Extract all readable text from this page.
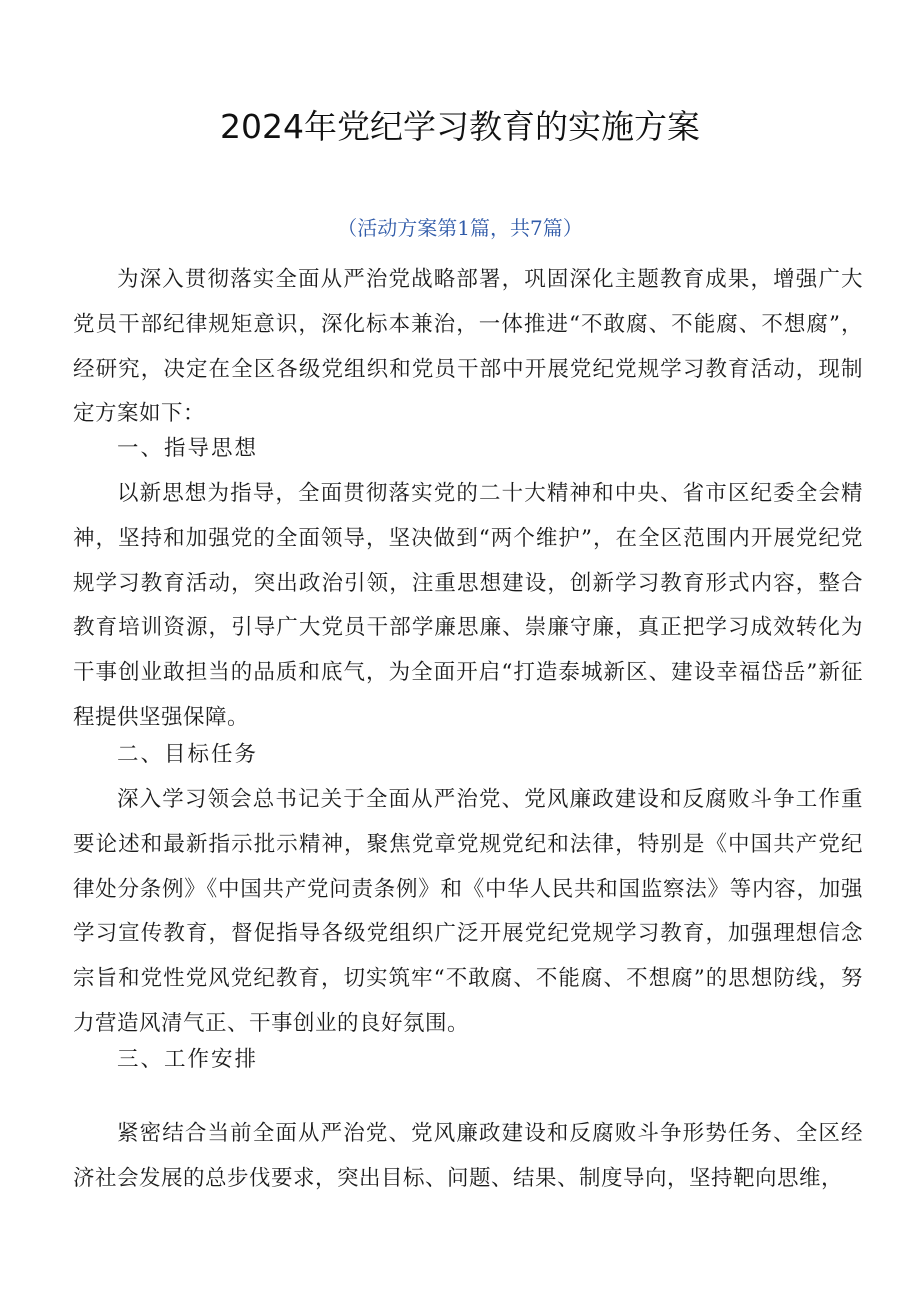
2024年党纪学习教育的实施方案
（活动方案第1篇，共7篇）

为深入贯彻落实全面从严治党战略部署，巩固深化主题教育成果，增强广大党员干部纪律规矩意识，深化标本兼治，一体推进“不敢腐、不能腐、不想腐”，经研究，决定在全区各级党组织和党员干部中开展党纪党规学习教育活动，现制定方案如下：

一、指导思想

以新思想为指导，全面贯彻落实党的二十大精神和中央、省市区纪委全会精神，坚持和加强党的全面领导，坚决做到“两个维护”，在全区范围内开展党纪党规学习教育活动，突出政治引领，注重思想建设，创新学习教育形式内容，整合教育培训资源，引导广大党员干部学廉思廉、崇廉守廉，真正把学习成效转化为干事创业敢担当的品质和底气，为全面开启“打造泰城新区、建设幸福岱岳”新征程提供坚强保障。

二、目标任务

深入学习领会总书记关于全面从严治党、党风廉政建设和反腐败斗争工作重要论述和最新指示批示精神，聚焦党章党规党纪和法律，特别是《中国共产党纪律处分条例》《中国共产党问责条例》和《中华人民共和国监察法》等内容，加强学习宣传教育，督促指导各级党组织广泛开展党纪党规学习教育，加强理想信念宗旨和党性党风党纪教育，切实筑牢“不敢腐、不能腐、不想腐”的思想防线，努力营造风清气正、干事创业的良好氛围。

三、工作安排

紧密结合当前全面从严治党、党风廉政建设和反腐败斗争形势任务、全区经济社会发展的总步伐要求，突出目标、问题、结果、制度导向，坚持靶向思维，
